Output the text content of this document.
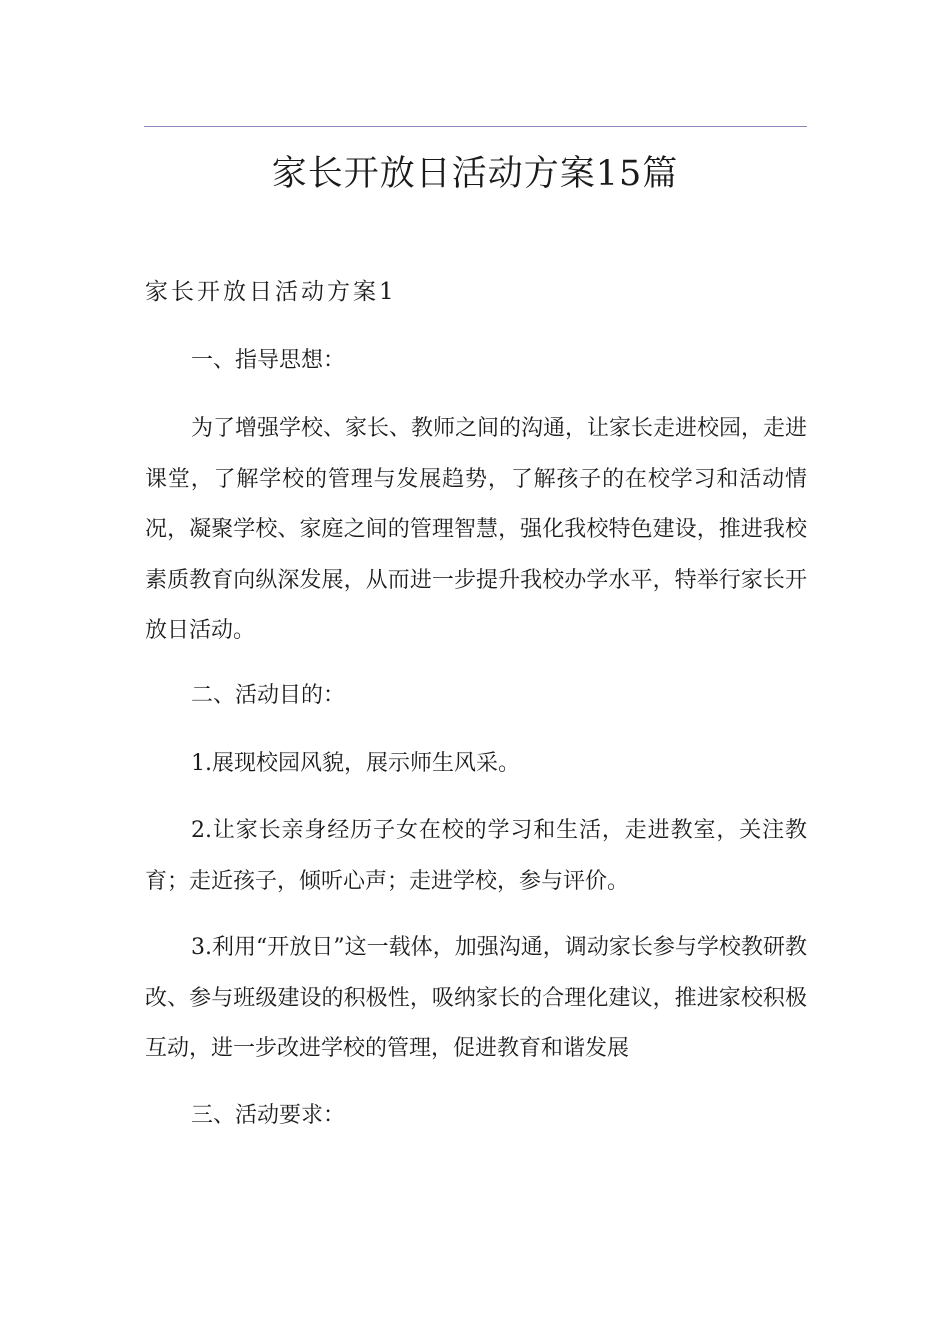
家长开放日活动方案15篇
家长开放日活动方案1

一、指导思想：

为了增强学校、家长、教师之间的沟通，让家长走进校园，走进课堂，了解学校的管理与发展趋势，了解孩子的在校学习和活动情况，凝聚学校、家庭之间的管理智慧，强化我校特色建设，推进我校素质教育向纵深发展，从而进一步提升我校办学水平，特举行家长开放日活动。

二、活动目的：

1.展现校园风貌，展示师生风采。

2.让家长亲身经历子女在校的学习和生活，走进教室，关注教育；走近孩子，倾听心声；走进学校，参与评价。

3.利用“开放日”这一载体，加强沟通，调动家长参与学校教研教改、参与班级建设的积极性，吸纳家长的合理化建议，推进家校积极互动，进一步改进学校的管理，促进教育和谐发展

三、活动要求：
